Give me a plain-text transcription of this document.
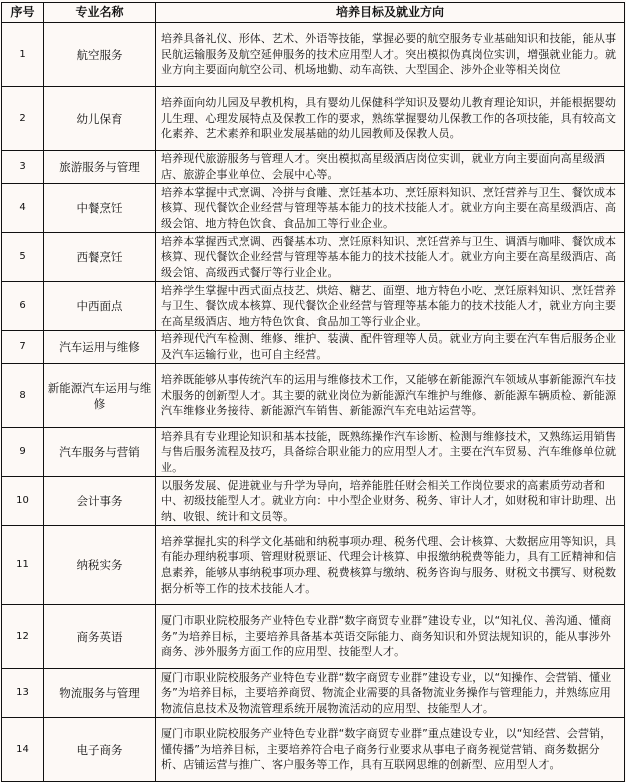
序号	专业名称	培养目标及就业方向
1	航空服务	培养具备礼仪、形体、艺术、外语等技能，掌握必要的航空服务专业基础知识和技能，能从事民航运输服务及航空延伸服务的技术应用型人才。突出模拟伪真岗位实训，增强就业能力。就业方向主要面向航空公司、机场地勤、动车高铁、大型国企、涉外企业等相关岗位
2	幼儿保育	培养面向幼儿园及早教机构，具有婴幼儿保健科学知识及婴幼儿教育理论知识，并能根据婴幼儿生理、心理发展特点及保教工作的要求，熟练掌握婴幼儿保教工作的各项技能，具有较高文化素养、艺术素养和职业发展基础的幼儿园教师及保教人员。
3	旅游服务与管理	培养现代旅游服务与管理人才。突出模拟高星级酒店岗位实训，就业方向主要面向高星级酒店、旅游企事业单位、会展中心等。
4	中餐烹饪	培养本掌握中式烹调、冷拼与食雕、烹饪基本功、烹饪原料知识、烹饪营养与卫生、餐饮成本核算、现代餐饮企业经营与管理等基本能力的技术技能人才。就业方向主要在高星级酒店、高级会馆、地方特色饮食、食品加工等行业企业。
5	西餐烹饪	培养本掌握西式烹调、西餐基本功、烹饪原料知识、烹饪营养与卫生、调酒与咖啡、餐饮成本核算、现代餐饮企业经营与管理等基本能力的技术技能人才。就业方向主要在高星级酒店、高级会馆、高级西式餐厅等行业企业。
6	中西面点	培养学生掌握中西式面点技艺、烘焙、糖艺、面塑、地方特色小吃、烹饪原料知识、烹饪营养与卫生、餐饮成本核算、现代餐饮企业经营与管理等基本能力的技术技能人才，就业方向主要在高星级酒店、地方特色饮食、食品加工等行业企业。
7	汽车运用与维修	培养现代汽车检测、维修、维护、装潢、配件管理等人员。就业方向主要在汽车售后服务企业及汽车运输行业，也可自主经营。
8	新能源汽车运用与维修	培养既能够从事传统汽车的运用与维修技术工作，又能够在新能源汽车领域从事新能源汽车技术服务的创新型人才。其主要的就业岗位为新能源汽车维护与维修、新能源车辆质检、新能源汽车维修业务接待、新能源汽车销售、新能源汽车充电站运营等。
9	汽车服务与营销	培养具有专业理论知识和基本技能，既熟练操作汽车诊断、检测与维修技术，又熟练运用销售与售后服务流程及技巧，具备综合职业能力的应用型人才。主要在汽车贸易、汽车维修单位就业。
10	会计事务	以服务发展、促进就业与升学为导向，培养能胜任财会相关工作岗位要求的高素质劳动者和中、初级技能型人才。就业方向：中小型企业财务、税务、审计人才，如财税和审计助理、出纳、收银、统计和文员等。
11	纳税实务	培养掌握扎实的科学文化基础和纳税事项办理、税务代理、会计核算、大数据应用等知识，具有能办理纳税事项、管理财税票证、代理会计核算、申报缴纳税费等能力，具有工匠精神和信息素养，能够从事纳税事项办理、税费核算与缴纳、税务咨询与服务、财税文书撰写、财税数据分析等工作的技术技能人才。
12	商务英语	厦门市职业院校服务产业特色专业群“数字商贸专业群”建设专业，以“知礼仪、善沟通、懂商务”为培养目标，主要培养具备基本英语交际能力、商务知识和外贸法规知识的，能从事涉外商务、涉外服务方面工作的应用型、技能型人才。
13	物流服务与管理	厦门市职业院校服务产业特色专业群“数字商贸专业群”建设专业，以“知操作、会营销、懂业务”为培养目标，主要培养商贸、物流企业需要的具备物流业务操作与管理能力，并熟练应用物流信息技术及物流管理系统开展物流活动的应用型、技能型人才。
14	电子商务	厦门市职业院校服务产业特色专业群“数字商贸专业群”重点建设专业，以“知经营、会营销，懂传播”为培养目标，主要培养符合电子商务行业要求从事电子商务视觉营销、商务数据分析、店铺运营与推广、客户服务等工作，具有互联网思维的创新型、应用型人才。
